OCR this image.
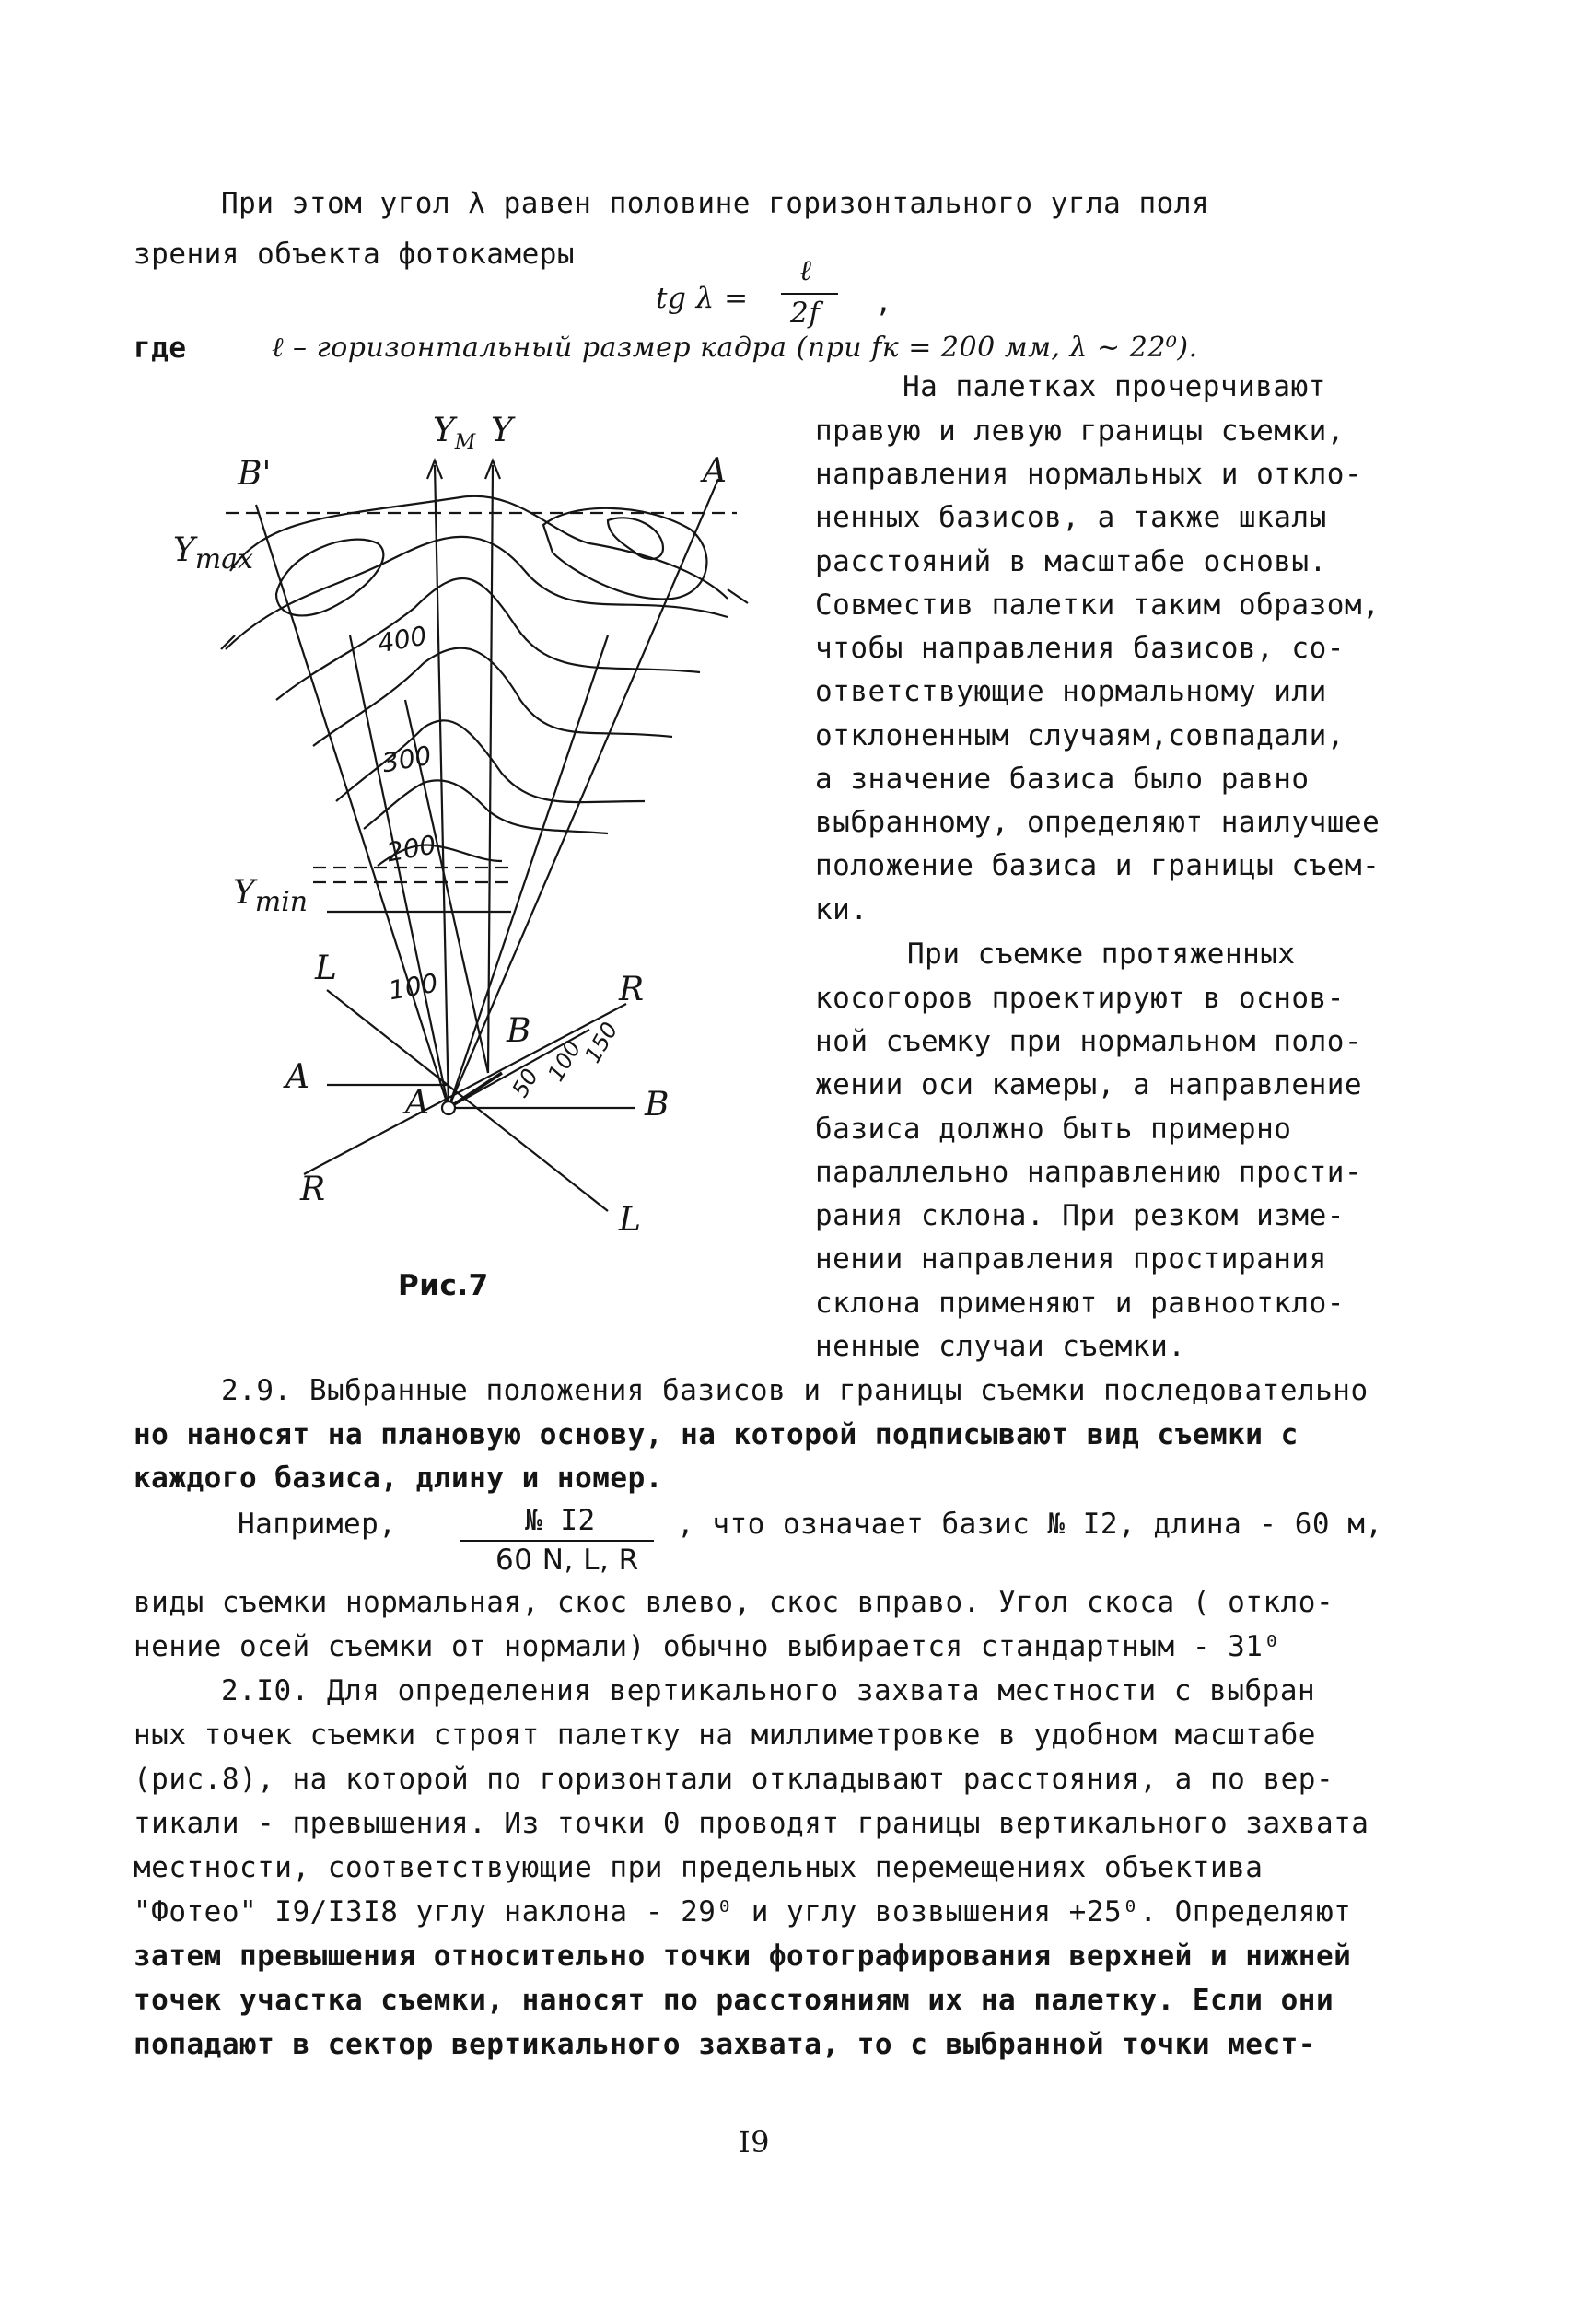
При этом угол λ равен половине горизонтального угла поля
зрения объекта фотокамеры
tg λ =
ℓ
2f ,
где	ℓ – горизонтальный размер кадра (при fк = 200 мм, λ ~ 22⁰).
На палетках прочерчивают
правую и левую границы съемки,
направления нормальных и откло-
ненных базисов, а также шкалы
расстояний в масштабе основы.
Совместив палетки таким образом,
чтобы направления базисов, со-
ответствующие нормальному или
отклоненным случаям,совпадали,
а значение базиса было равно
выбранному, определяют наилучшее
положение базиса и границы съем-
ки.
При съемке протяженных
косогоров проектируют в основ-
ной съемку при нормальном поло-
жении оси камеры, а направление
базиса должно быть примерно
параллельно направлению прости-
рания склона. При резком изме-
нении направления простирания
склона применяют и равнооткло-
ненные случаи съемки.
$Y_M$ Y
B'	A
$Y_{max}$
$Y_{min}$
L
R
A
A	B
B
R
L
400
300
200
100
50 100
150
Рис.7
2.9. Выбранные положения базисов и границы съемки последовательно
но наносят на плановую основу, на которой подписывают вид съемки с
каждого базиса, длину и номер.
Например,	№ I2
60 N, L, R
, что означает базис № I2, длина - 60 м,
виды съемки нормальная, скос влево, скос вправо. Угол скоса ( откло-
нение осей съемки от нормали) обычно выбирается стандартным - 31⁰
2.I0. Для определения вертикального захвата местности с выбран
ных точек съемки строят палетку на миллиметровке в удобном масштабе
(рис.8), на которой по горизонтали откладывают расстояния, а по вер-
тикали - превышения. Из точки 0 проводят границы вертикального захвата
местности, соответствующие при предельных перемещениях объектива
"Фотео" I9/I3I8 углу наклона - 29⁰ и углу возвышения +25⁰. Определяют
затем превышения относительно точки фотографирования верхней и нижней
точек участка съемки, наносят по расстояниям их на палетку. Если они
попадают в сектор вертикального захвата, то с выбранной точки мест-
I9
